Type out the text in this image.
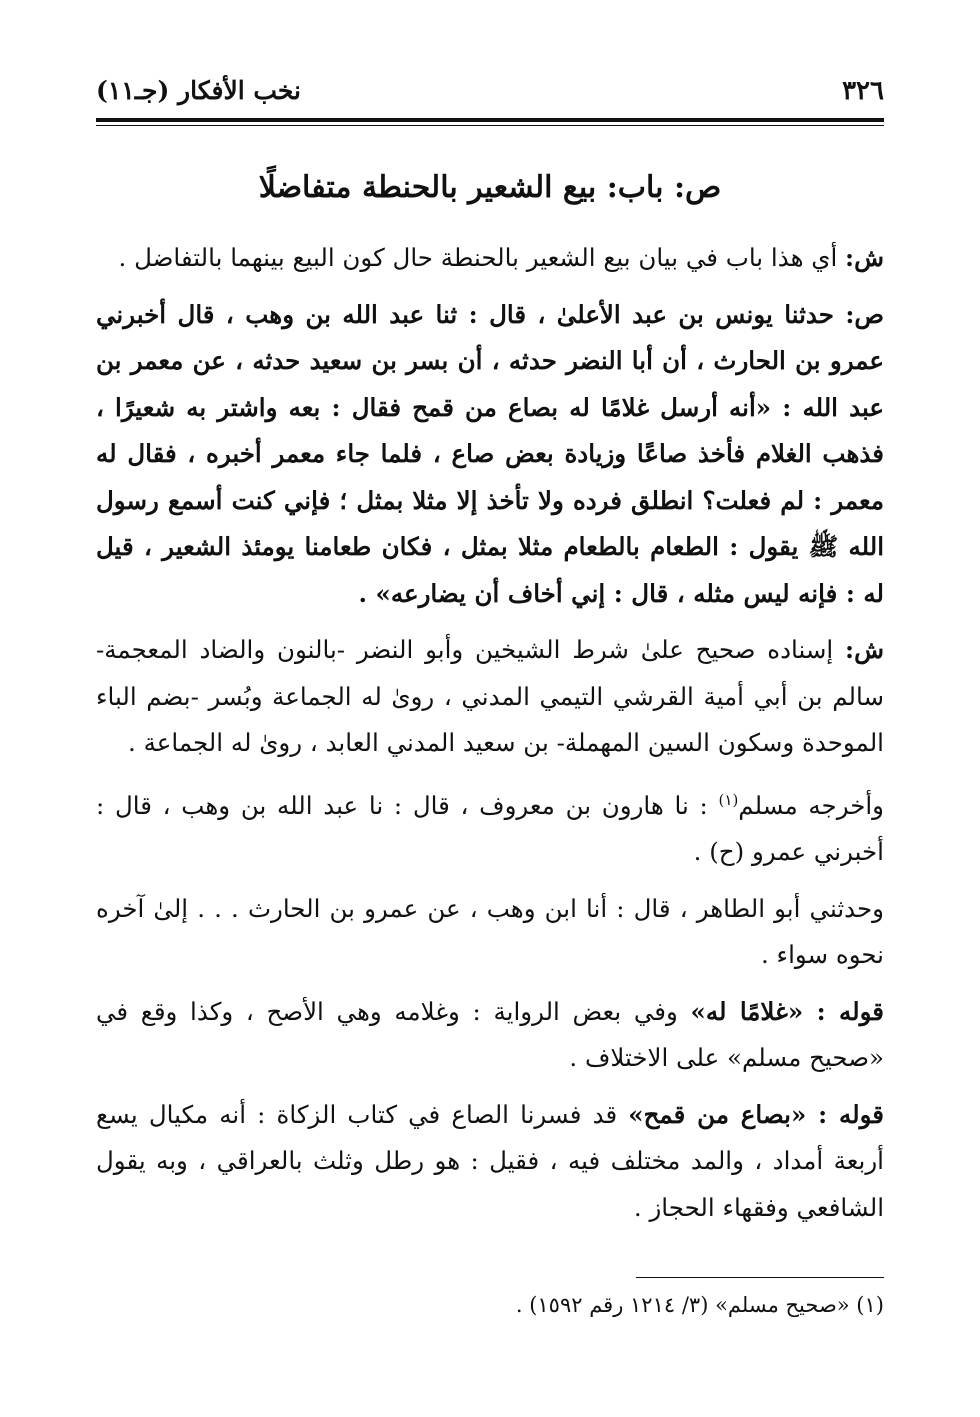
٣٢٦
نخب الأفكار (جـ١١)
ص: باب: بيع الشعير بالحنطة متفاضلًا

ش: أي هذا باب في بيان بيع الشعير بالحنطة حال كون البيع بينهما بالتفاضل .

ص: حدثنا يونس بن عبد الأعلىٰ ، قال : ثنا عبد الله بن وهب ، قال أخبرني عمرو بن الحارث ، أن أبا النضر حدثه ، أن بسر بن سعيد حدثه ، عن معمر بن عبد الله : «أنه أرسل غلامًا له بصاع من قمح فقال : بعه واشتر به شعيرًا ، فذهب الغلام فأخذ صاعًا وزيادة بعض صاع ، فلما جاء معمر أخبره ، فقال له معمر : لم فعلت؟ انطلق فرده ولا تأخذ إلا مثلا بمثل ؛ فإني كنت أسمع رسول الله ﷺ يقول : الطعام بالطعام مثلا بمثل ، فكان طعامنا يومئذ الشعير ، قيل له : فإنه ليس مثله ، قال : إني أخاف أن يضارعه» .

ش: إسناده صحيح علىٰ شرط الشيخين وأبو النضر -بالنون والضاد المعجمة- سالم بن أبي أمية القرشي التيمي المدني ، روىٰ له الجماعة وبُسر -بضم الباء الموحدة وسكون السين المهملة- بن سعيد المدني العابد ، روىٰ له الجماعة .

وأخرجه مسلم$^{(١)}$ : نا هارون بن معروف ، قال : نا عبد الله بن وهب ، قال : أخبرني عمرو (ح) .

وحدثني أبو الطاهر ، قال : أنا ابن وهب ، عن عمرو بن الحارث . . . إلىٰ آخره نحوه سواء .

قوله : «غلامًا له» وفي بعض الرواية : وغلامه وهي الأصح ، وكذا وقع في «صحيح مسلم» على الاختلاف .

قوله : «بصاع من قمح» قد فسرنا الصاع في كتاب الزكاة : أنه مكيال يسع أربعة أمداد ، والمد مختلف فيه ، فقيل : هو رطل وثلث بالعراقي ، وبه يقول الشافعي وفقهاء الحجاز .

(١) «صحيح مسلم» (٣/ ١٢١٤ رقم ١٥٩٢) .
